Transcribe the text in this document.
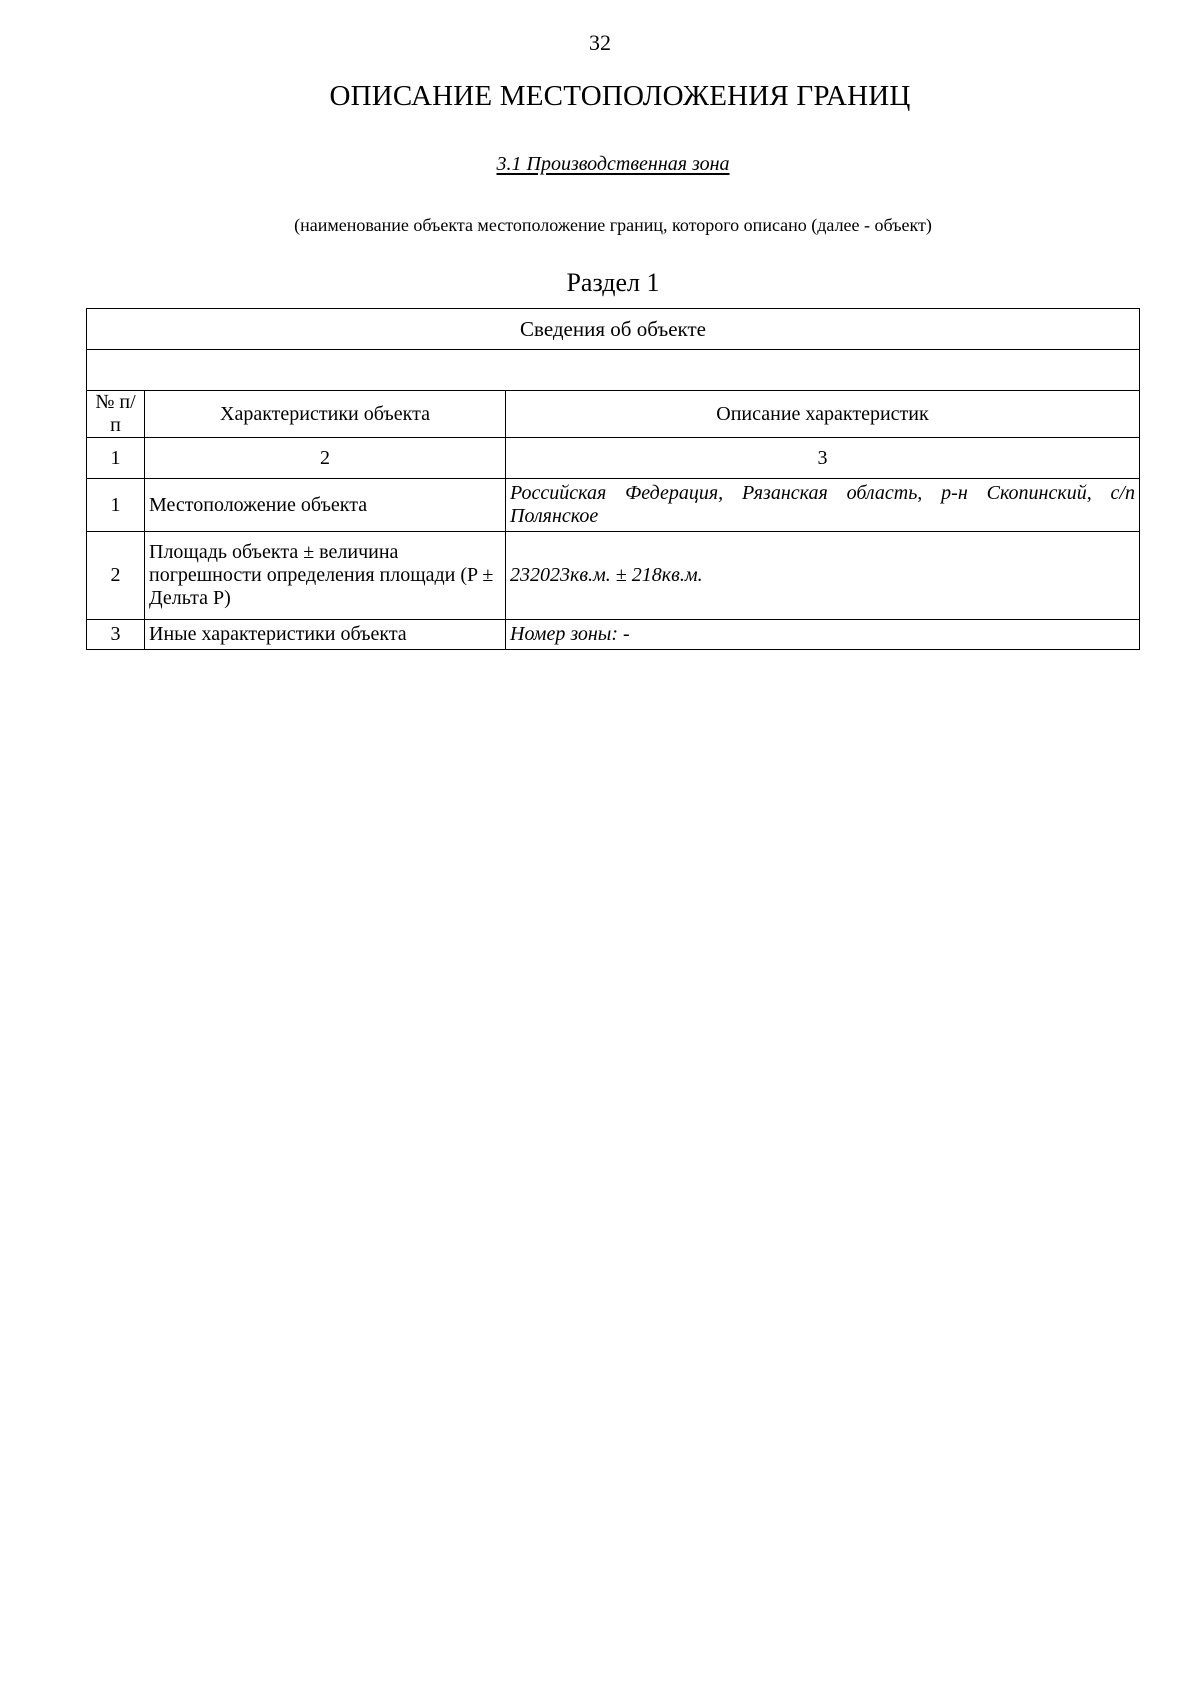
32
ОПИСАНИЕ МЕСТОПОЛОЖЕНИЯ ГРАНИЦ
3.1 Производственная зона
(наименование объекта местоположение границ, которого описано (далее - объект)
Раздел 1
Сведения об объекте		

№ п/п	Характеристики объекта	Описание характеристик
1	2	3
1	Местоположение объекта	Российская Федерация, Рязанская область, р-н Скопинский, с/п Полянское
2	Площадь объекта ± величина погрешности определения площади (P ± Дельта P)	232023кв.м. ± 218кв.м.
3	Иные характеристики объекта	Номер зоны: -
